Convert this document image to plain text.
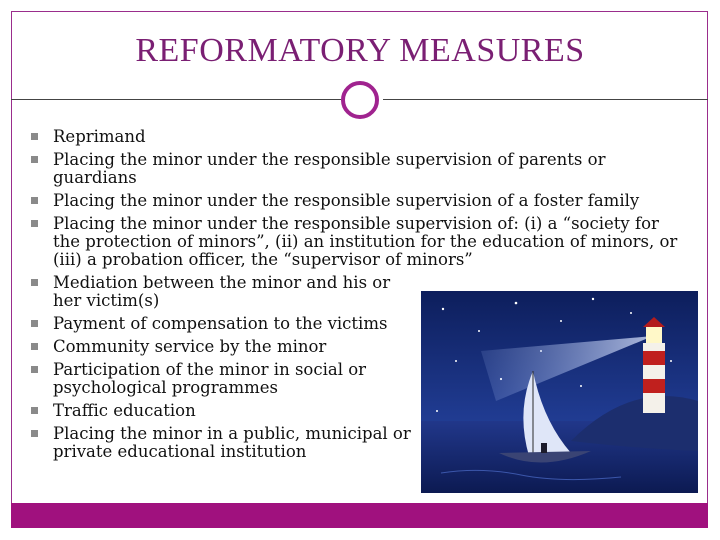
REFORMATORY MEASURES
Reprimand
Placing the minor under the responsible supervision of parents or guardians
Placing the minor under the responsible supervision of a foster family
Placing the minor under the responsible supervision of: (i) a “society for the protection of minors”, (ii) an institution for the education of minors, or (iii) a probation officer, the “supervisor of minors”
Mediation between the minor and his or her victim(s)
Payment of compensation to the victims
Community service by the minor
Participation of the minor in social or psychological programmes
Traffic education
Placing the minor in a public, municipal or private educational institution
